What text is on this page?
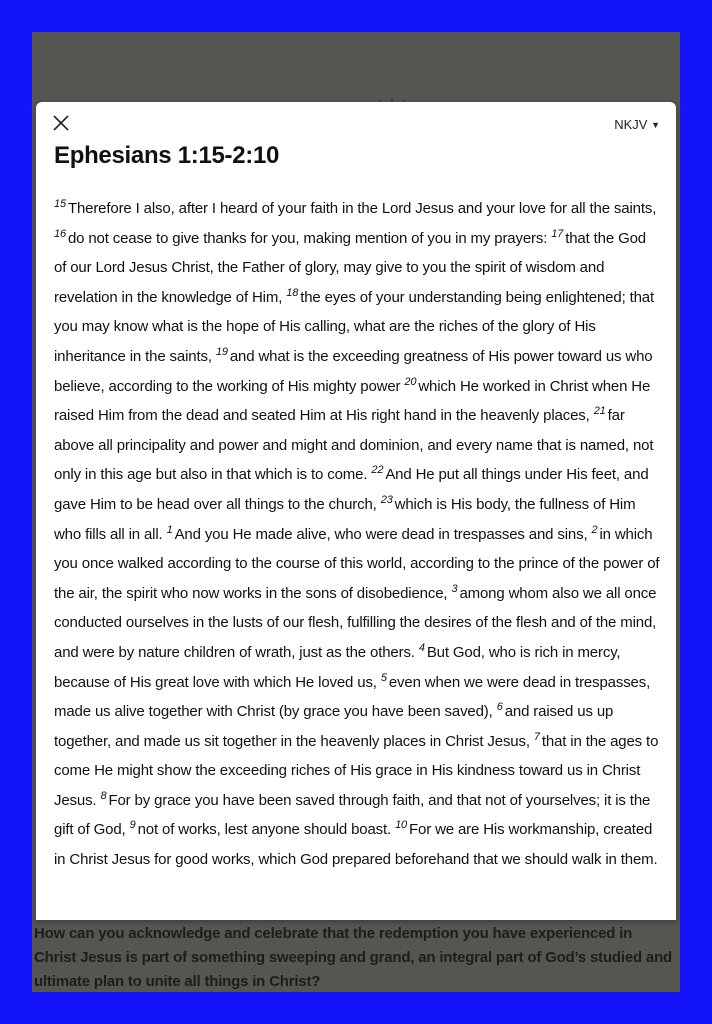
How can you acknowledge and celebrate that the redemption you have experienced in Christ Jesus is part of something sweeping and grand, an integral part of God’s studied and ultimate plan to unite all things in Christ?
NKJV ▼
Ephesians 1:15-2:10
$^{15}$ Therefore I also, after I heard of your faith in the Lord Jesus and your love for all the saints, $^{16}$ do not cease to give thanks for you, making mention of you in my prayers: $^{17}$ that the God of our Lord Jesus Christ, the Father of glory, may give to you the spirit of wisdom and revelation in the knowledge of Him, $^{18}$ the eyes of your understanding being enlightened; that you may know what is the hope of His calling, what are the riches of the glory of His inheritance in the saints, $^{19}$ and what is the exceeding greatness of His power toward us who believe, according to the working of His mighty power $^{20}$ which He worked in Christ when He raised Him from the dead and seated Him at His right hand in the heavenly places, $^{21}$ far above all principality and power and might and dominion, and every name that is named, not only in this age but also in that which is to come. $^{22}$ And He put all things under His feet, and gave Him to be head over all things to the church, $^{23}$ which is His body, the fullness of Him who fills all in all. $^1$ And you He made alive, who were dead in trespasses and sins, $^2$ in which you once walked according to the course of this world, according to the prince of the power of the air, the spirit who now works in the sons of disobedience, $^3$ among whom also we all once conducted ourselves in the lusts of our flesh, fulfilling the desires of the flesh and of the mind, and were by nature children of wrath, just as the others. $^4$ But God, who is rich in mercy, because of His great love with which He loved us, $^5$ even when we were dead in trespasses, made us alive together with Christ (by grace you have been saved), $^6$ and raised us up together, and made us sit together in the heavenly places in Christ Jesus, $^7$ that in the ages to come He might show the exceeding riches of His grace in His kindness toward us in Christ Jesus. $^8$ For by grace you have been saved through faith, and that not of yourselves; it is the gift of God, $^9$ not of works, lest anyone should boast. $^{10}$ For we are His workmanship, created in Christ Jesus for good works, which God prepared beforehand that we should walk in them.
